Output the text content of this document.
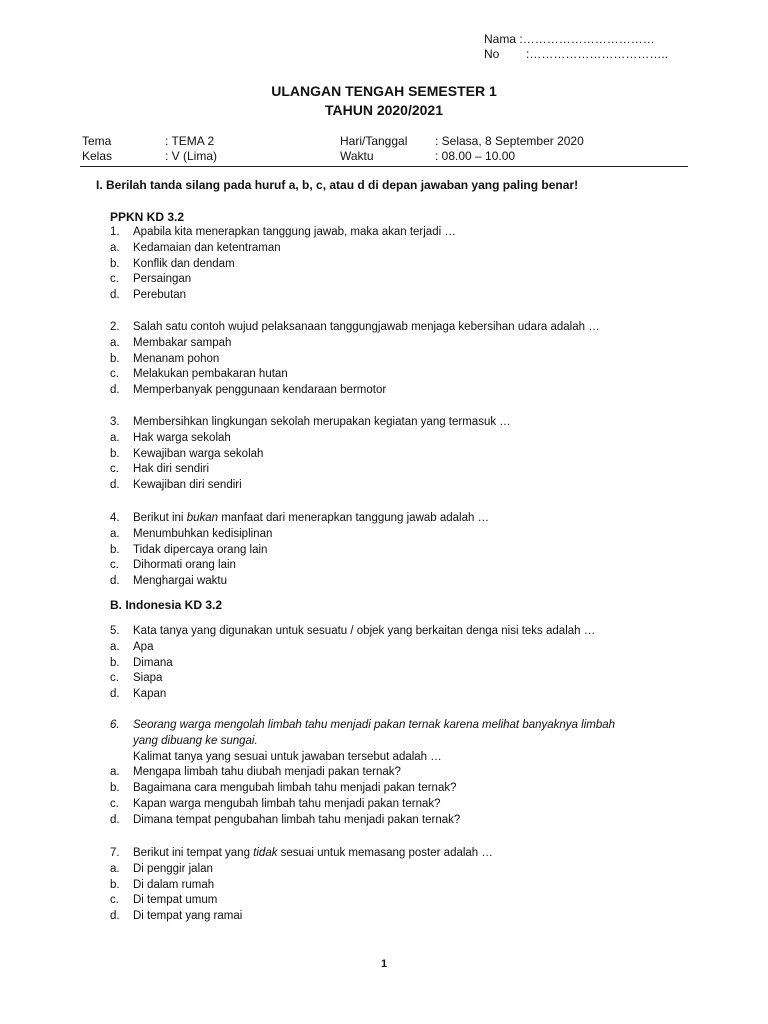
Nama : ……………………………
No	:……………………………..
ULANGAN TENGAH SEMESTER 1
TAHUN 2020/2021
Tema	: TEMA 2	Hari/Tanggal	: Selasa, 8 September 2020
Kelas	: V (Lima)	Waktu	: 08.00 – 10.00
I. Berilah tanda silang pada huruf a, b, c, atau d di depan jawaban yang paling benar!
PPKN KD 3.2
1.	Apabila kita menerapkan tanggung jawab, maka akan terjadi …
a.	Kedamaian dan ketentraman
b.	Konflik dan dendam
c.	Persaingan
d.	Perebutan
2.	Salah satu contoh wujud pelaksanaan tanggungjawab menjaga kebersihan udara adalah …
a.	Membakar sampah
b.	Menanam pohon
c.	Melakukan pembakaran hutan
d.	Memperbanyak penggunaan kendaraan bermotor
3.	Membersihkan lingkungan sekolah merupakan kegiatan yang termasuk …
a.	Hak warga sekolah
b.	Kewajiban warga sekolah
c.	Hak diri sendiri
d.	Kewajiban diri sendiri
4.	Berikut ini bukan manfaat dari menerapkan tanggung jawab adalah …
a.	Menumbuhkan kedisiplinan
b.	Tidak dipercaya orang lain
c.	Dihormati orang lain
d.	Menghargai waktu
B. Indonesia KD 3.2
5.	Kata tanya yang digunakan untuk sesuatu / objek yang berkaitan denga nisi teks adalah …
a.	Apa
b.	Dimana
c.	Siapa
d.	Kapan
6.	Seorang warga mengolah limbah tahu menjadi pakan ternak karena melihat banyaknya limbah
yang dibuang ke sungai.
Kalimat tanya yang sesuai untuk jawaban tersebut adalah …
a.	Mengapa limbah tahu diubah menjadi pakan ternak?
b.	Bagaimana cara mengubah limbah tahu menjadi pakan ternak?
c.	Kapan warga mengubah limbah tahu menjadi pakan ternak?
d.	Dimana tempat pengubahan limbah tahu menjadi pakan ternak?
7.	Berikut ini tempat yang tidak sesuai untuk memasang poster adalah …
a.	Di penggir jalan
b.	Di dalam rumah
c.	Di tempat umum
d.	Di tempat yang ramai
1
